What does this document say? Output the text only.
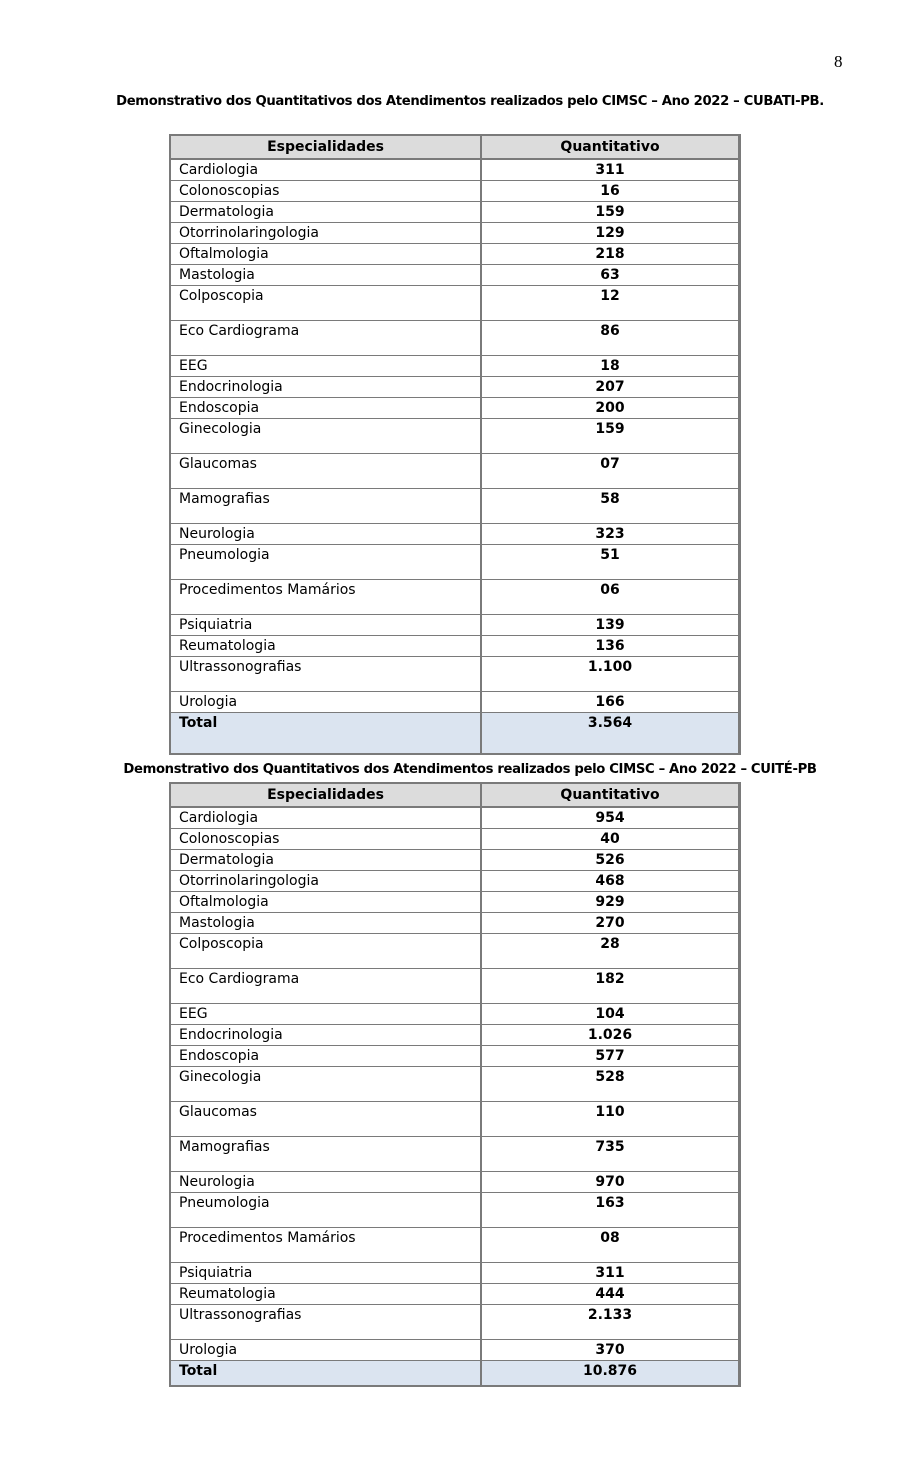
8
Demonstrativo dos Quantitativos dos Atendimentos realizados pelo CIMSC – Ano 2022 – CUBATI-PB.
Especialidades	Quantitativo
Cardiologia	311
Colonoscopias	16
Dermatologia	159
Otorrinolaringologia	129
Oftalmologia	218
Mastologia	63
Colposcopia	12
Eco Cardiograma	86
EEG	18
Endocrinologia	207
Endoscopia	200
Ginecologia	159
Glaucomas	07
Mamografias	58
Neurologia	323
Pneumologia	51
Procedimentos Mamários	06
Psiquiatria	139
Reumatologia	136
Ultrassonografias	1.100
Urologia	166
Total	3.564
Demonstrativo dos Quantitativos dos Atendimentos realizados pelo CIMSC – Ano 2022 – CUITÉ-PB
Especialidades	Quantitativo
Cardiologia	954
Colonoscopias	40
Dermatologia	526
Otorrinolaringologia	468
Oftalmologia	929
Mastologia	270
Colposcopia	28
Eco Cardiograma	182
EEG	104
Endocrinologia	1.026
Endoscopia	577
Ginecologia	528
Glaucomas	110
Mamografias	735
Neurologia	970
Pneumologia	163
Procedimentos Mamários	08
Psiquiatria	311
Reumatologia	444
Ultrassonografias	2.133
Urologia	370
Total	10.876
